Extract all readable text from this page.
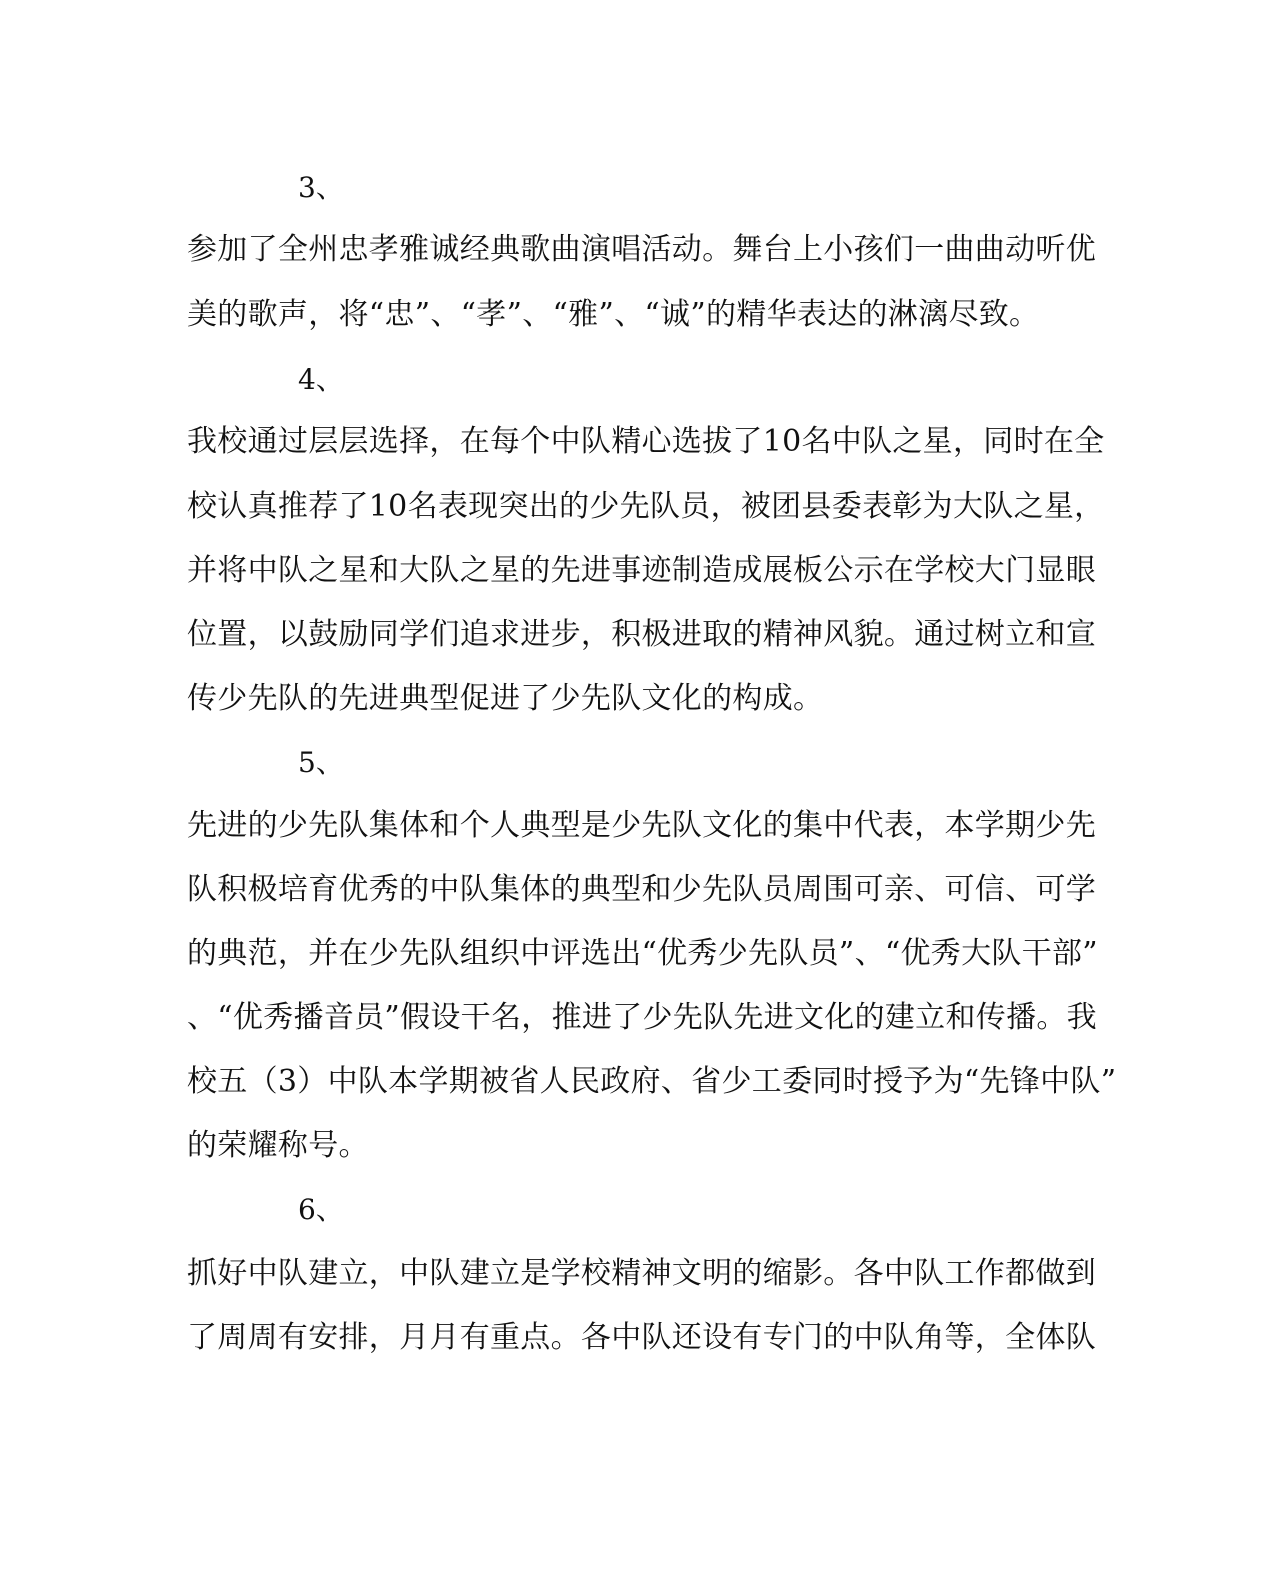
3、
参加了全州忠孝雅诚经典歌曲演唱活动。舞台上小孩们一曲曲动听优
美的歌声，将“忠”、“孝”、“雅”、“诚”的精华表达的淋漓尽致。
4、
我校通过层层选择，在每个中队精心选拔了10名中队之星，同时在全
校认真推荐了10名表现突出的少先队员，被团县委表彰为大队之星，
并将中队之星和大队之星的先进事迹制造成展板公示在学校大门显眼
位置，以鼓励同学们追求进步，积极进取的精神风貌。通过树立和宣
传少先队的先进典型促进了少先队文化的构成。
5、
先进的少先队集体和个人典型是少先队文化的集中代表，本学期少先
队积极培育优秀的中队集体的典型和少先队员周围可亲、可信、可学
的典范，并在少先队组织中评选出“优秀少先队员”、“优秀大队干部”
、“优秀播音员”假设干名，推进了少先队先进文化的建立和传播。我
校五（3）中队本学期被省人民政府、省少工委同时授予为“先锋中队”
的荣耀称号。
6、
抓好中队建立，中队建立是学校精神文明的缩影。各中队工作都做到
了周周有安排，月月有重点。各中队还设有专门的中队角等，全体队
